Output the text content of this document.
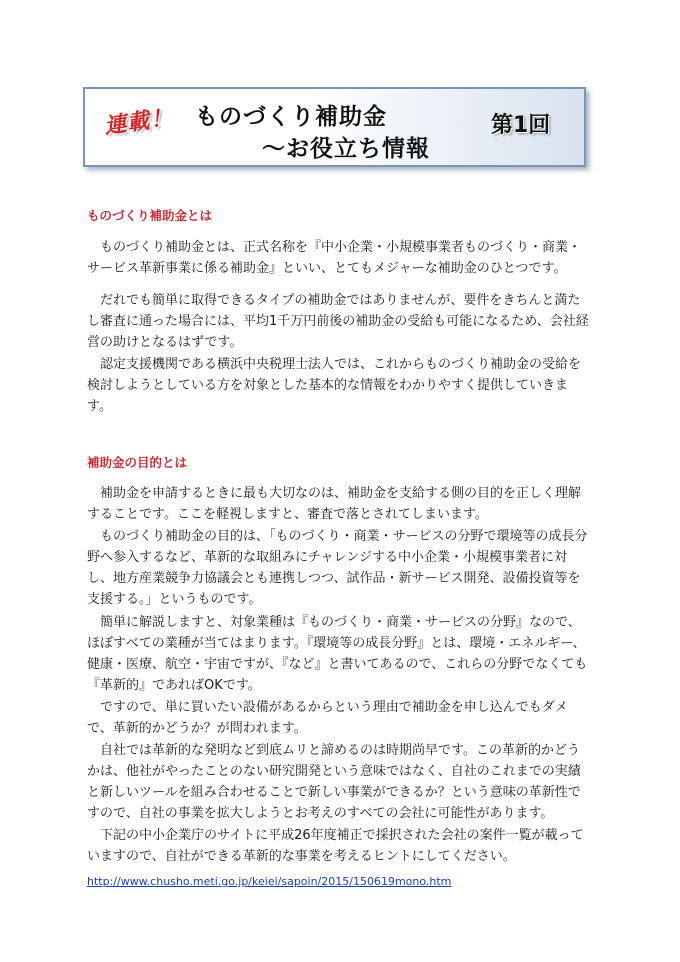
連載！ ものづくり補助金
～お役立ち情報
第1回
ものづくり補助金とは

ものづくり補助金とは、正式名称を『中小企業・小規模事業者ものづくり・商業・サービス革新事業に係る補助金』といい、とてもメジャーな補助金のひとつです。

だれでも簡単に取得できるタイプの補助金ではありませんが、要件をきちんと満たし審査に通った場合には、平均1千万円前後の補助金の受給も可能になるため、会社経営の助けとなるはずです。

認定支援機関である横浜中央税理士法人では、これからものづくり補助金の受給を検討しようとしている方を対象とした基本的な情報をわかりやすく提供していきます。

補助金の目的とは

補助金を申請するときに最も大切なのは、補助金を支給する側の目的を正しく理解することです。ここを軽視しますと、審査で落とされてしまいます。

ものづくり補助金の目的は、「ものづくり・商業・サービスの分野で環境等の成長分野へ参入するなど、革新的な取組みにチャレンジする中小企業・小規模事業者に対し、地方産業競争力協議会とも連携しつつ、試作品・新サービス開発、設備投資等を支援する。」というものです。

簡単に解説しますと、対象業種は『ものづくり・商業・サービスの分野』なので、ほぼすべての業種が当てはまります。『環境等の成長分野』とは、環境・エネルギー、健康・医療、航空・宇宙ですが、『など』と書いてあるので、これらの分野でなくても『革新的』であればOKです。

ですので、単に買いたい設備があるからという理由で補助金を申し込んでもダメで、革新的かどうか？が問われます。

自社では革新的な発明など到底ムリと諦めるのは時期尚早です。この革新的かどうかは、他社がやったことのない研究開発という意味ではなく、自社のこれまでの実績と新しいツールを組み合わせることで新しい事業ができるか？という意味の革新性ですので、自社の事業を拡大しようとお考えのすべての会社に可能性があります。

下記の中小企業庁のサイトに平成26年度補正で採択された会社の案件一覧が載っていますので、自社ができる革新的な事業を考えるヒントにしてください。

http://www.chusho.meti.go.jp/keiei/sapoin/2015/150619mono.htm
